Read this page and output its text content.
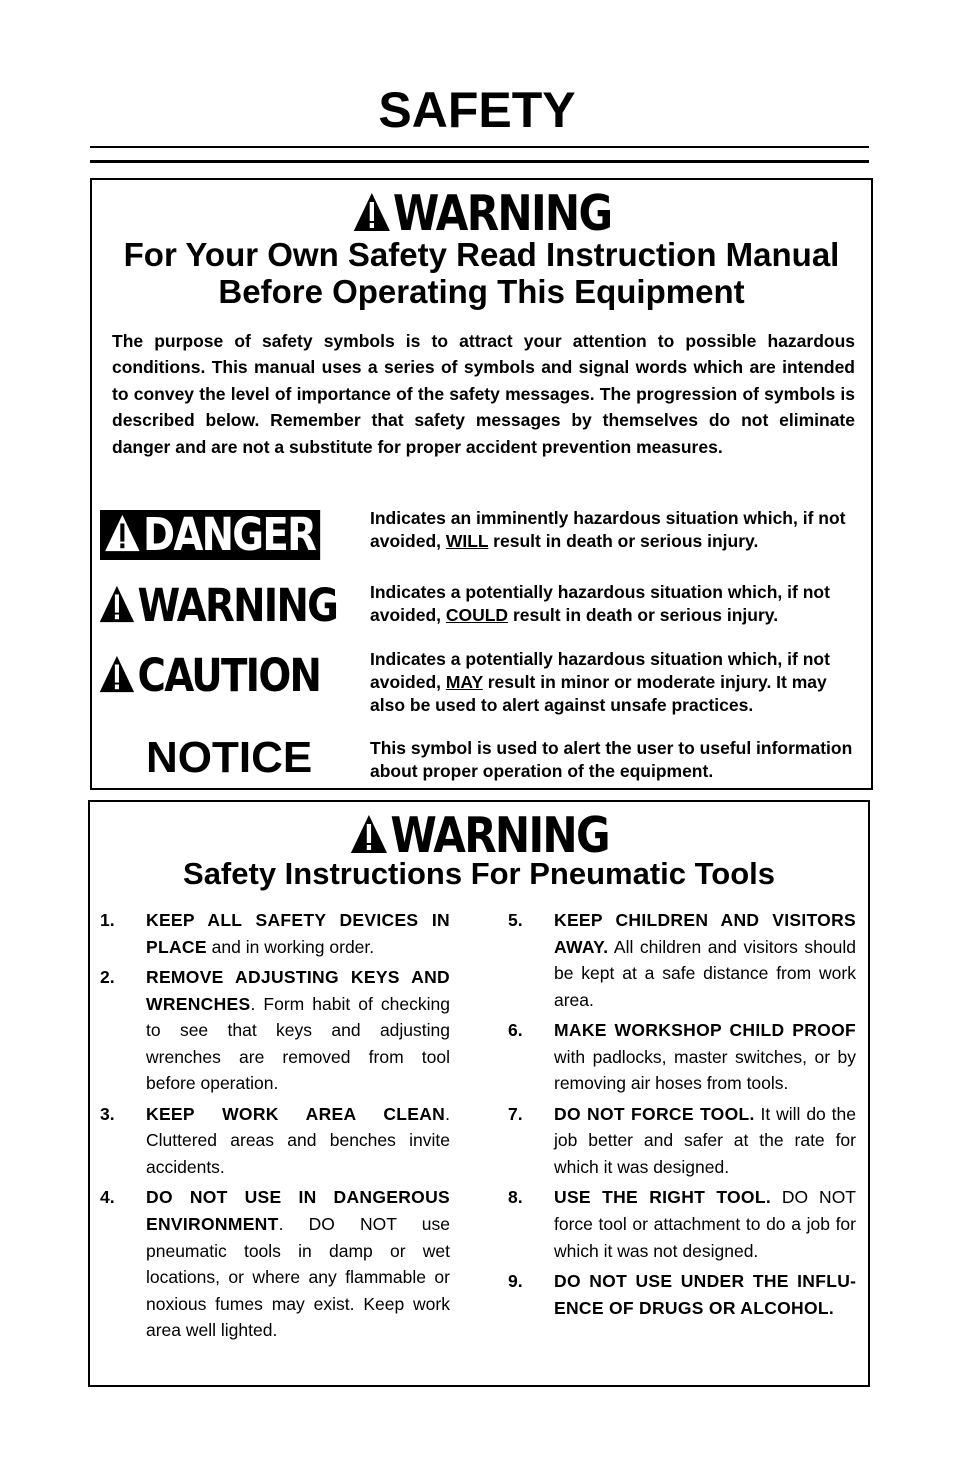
SAFETY
WARNING
For Your Own Safety Read Instruction Manual
Before Operating This Equipment
The purpose of safety symbols is to attract your attention to possible hazardous conditions. This manual uses a series of symbols and signal words which are intended to convey the level of importance of the safety messages. The progression of symbols is described below. Remember that safety messages by themselves do not eliminate danger and are not a substitute for proper accident prevention measures.
DANGER	Indicates an imminently hazardous situation which, if not avoided, WILL result in death or serious injury.
WARNING Indicates a potentially hazardous situation which, if not avoided, COULD result in death or serious injury.
CAUTION	Indicates a potentially hazardous situation which, if not avoided, MAY result in minor or moderate injury. It may also be used to alert against unsafe practices.
NOTICE	This symbol is used to alert the user to useful information about proper operation of the equipment.
WARNING
Safety Instructions For Pneumatic Tools
1. KEEP ALL SAFETY DEVICES IN PLACE and in working order.
2. REMOVE ADJUSTING KEYS AND WRENCHES. Form habit of checking to see that keys and adjusting wrenches are removed from tool before operation.
3. KEEP WORK AREA CLEAN. Cluttered areas and benches invite accidents.
4. DO NOT USE IN DANGEROUS ENVIRONMENT. DO NOT use pneumatic tools in damp or wet locations, or where any flammable or noxious fumes may exist. Keep work area well lighted.
5. KEEP CHILDREN AND VISITORS AWAY. All children and visitors should be kept at a safe distance from work area.
6. MAKE WORKSHOP CHILD PROOF with padlocks, master switches, or by removing air hoses from tools.
7. DO NOT FORCE TOOL. It will do the job better and safer at the rate for which it was designed.
8. USE THE RIGHT TOOL. DO NOT force tool or attachment to do a job for which it was not designed.
9. DO NOT USE UNDER THE INFLUENCE OF DRUGS OR ALCOHOL.
